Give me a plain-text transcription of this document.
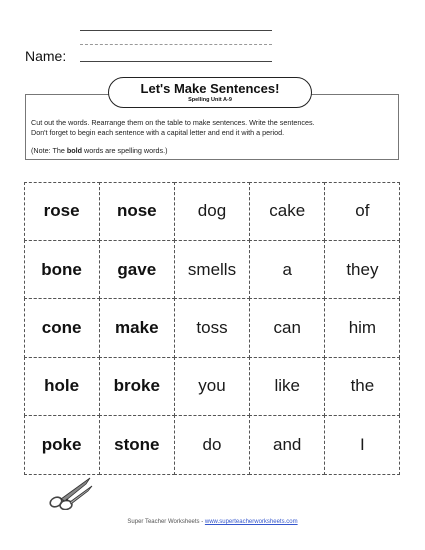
Name:
Cut out the words. Rearrange them on the table to make sentences. Write the sentences.
Don't forget to begin each sentence with a capital letter and end it with a period.
(Note: The bold words are spelling words.)
Let's Make Sentences!
Spelling Unit A-9
rose	nose	dog	cake	of
bone	gave	smells	a	they
cone	make	toss	can	him
hole	broke	you	like	the
poke	stone	do	and	I
Super Teacher Worksheets - www.superteacherworksheets.com
